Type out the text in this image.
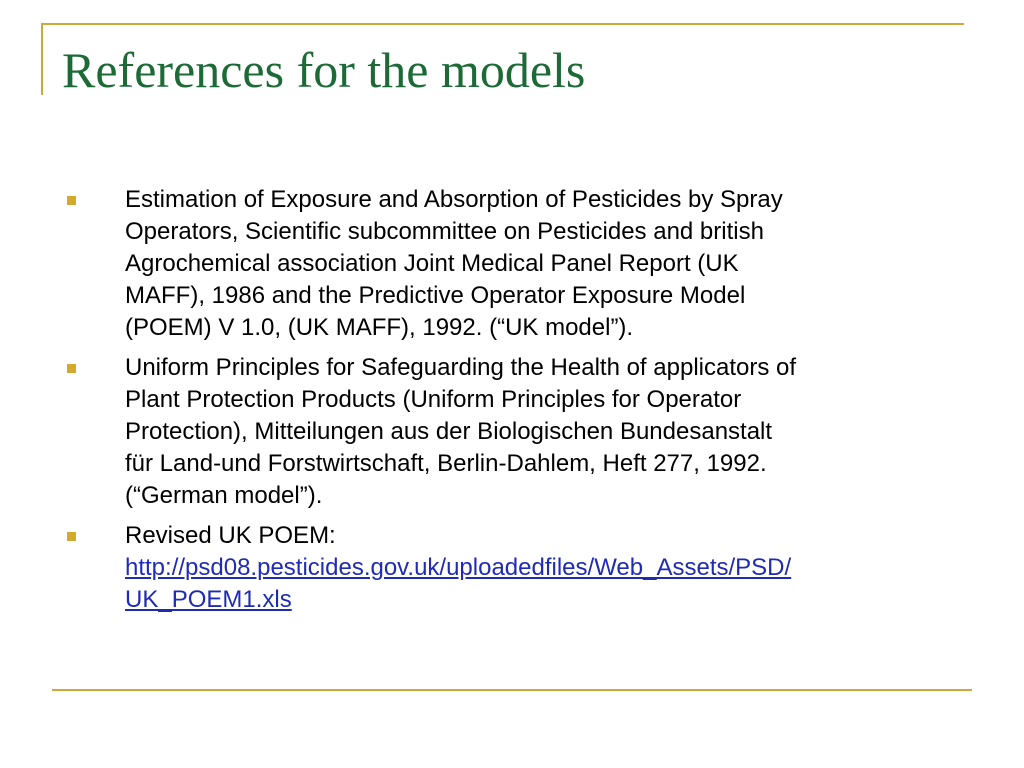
References for the models
Estimation of Exposure and Absorption of Pesticides by Spray
Operators, Scientific subcommittee on Pesticides and british
Agrochemical association Joint Medical Panel Report (UK
MAFF), 1986 and the Predictive Operator Exposure Model
(POEM) V 1.0, (UK MAFF), 1992. (“UK model”).
Uniform Principles for Safeguarding the Health of applicators of
Plant Protection Products (Uniform Principles for Operator
Protection), Mitteilungen aus der Biologischen Bundesanstalt
für Land-und Forstwirtschaft, Berlin-Dahlem, Heft 277, 1992.
(“German model”).
Revised UK POEM:
http://psd08.pesticides.gov.uk/uploadedfiles/Web_Assets/PSD/
UK_POEM1.xls
